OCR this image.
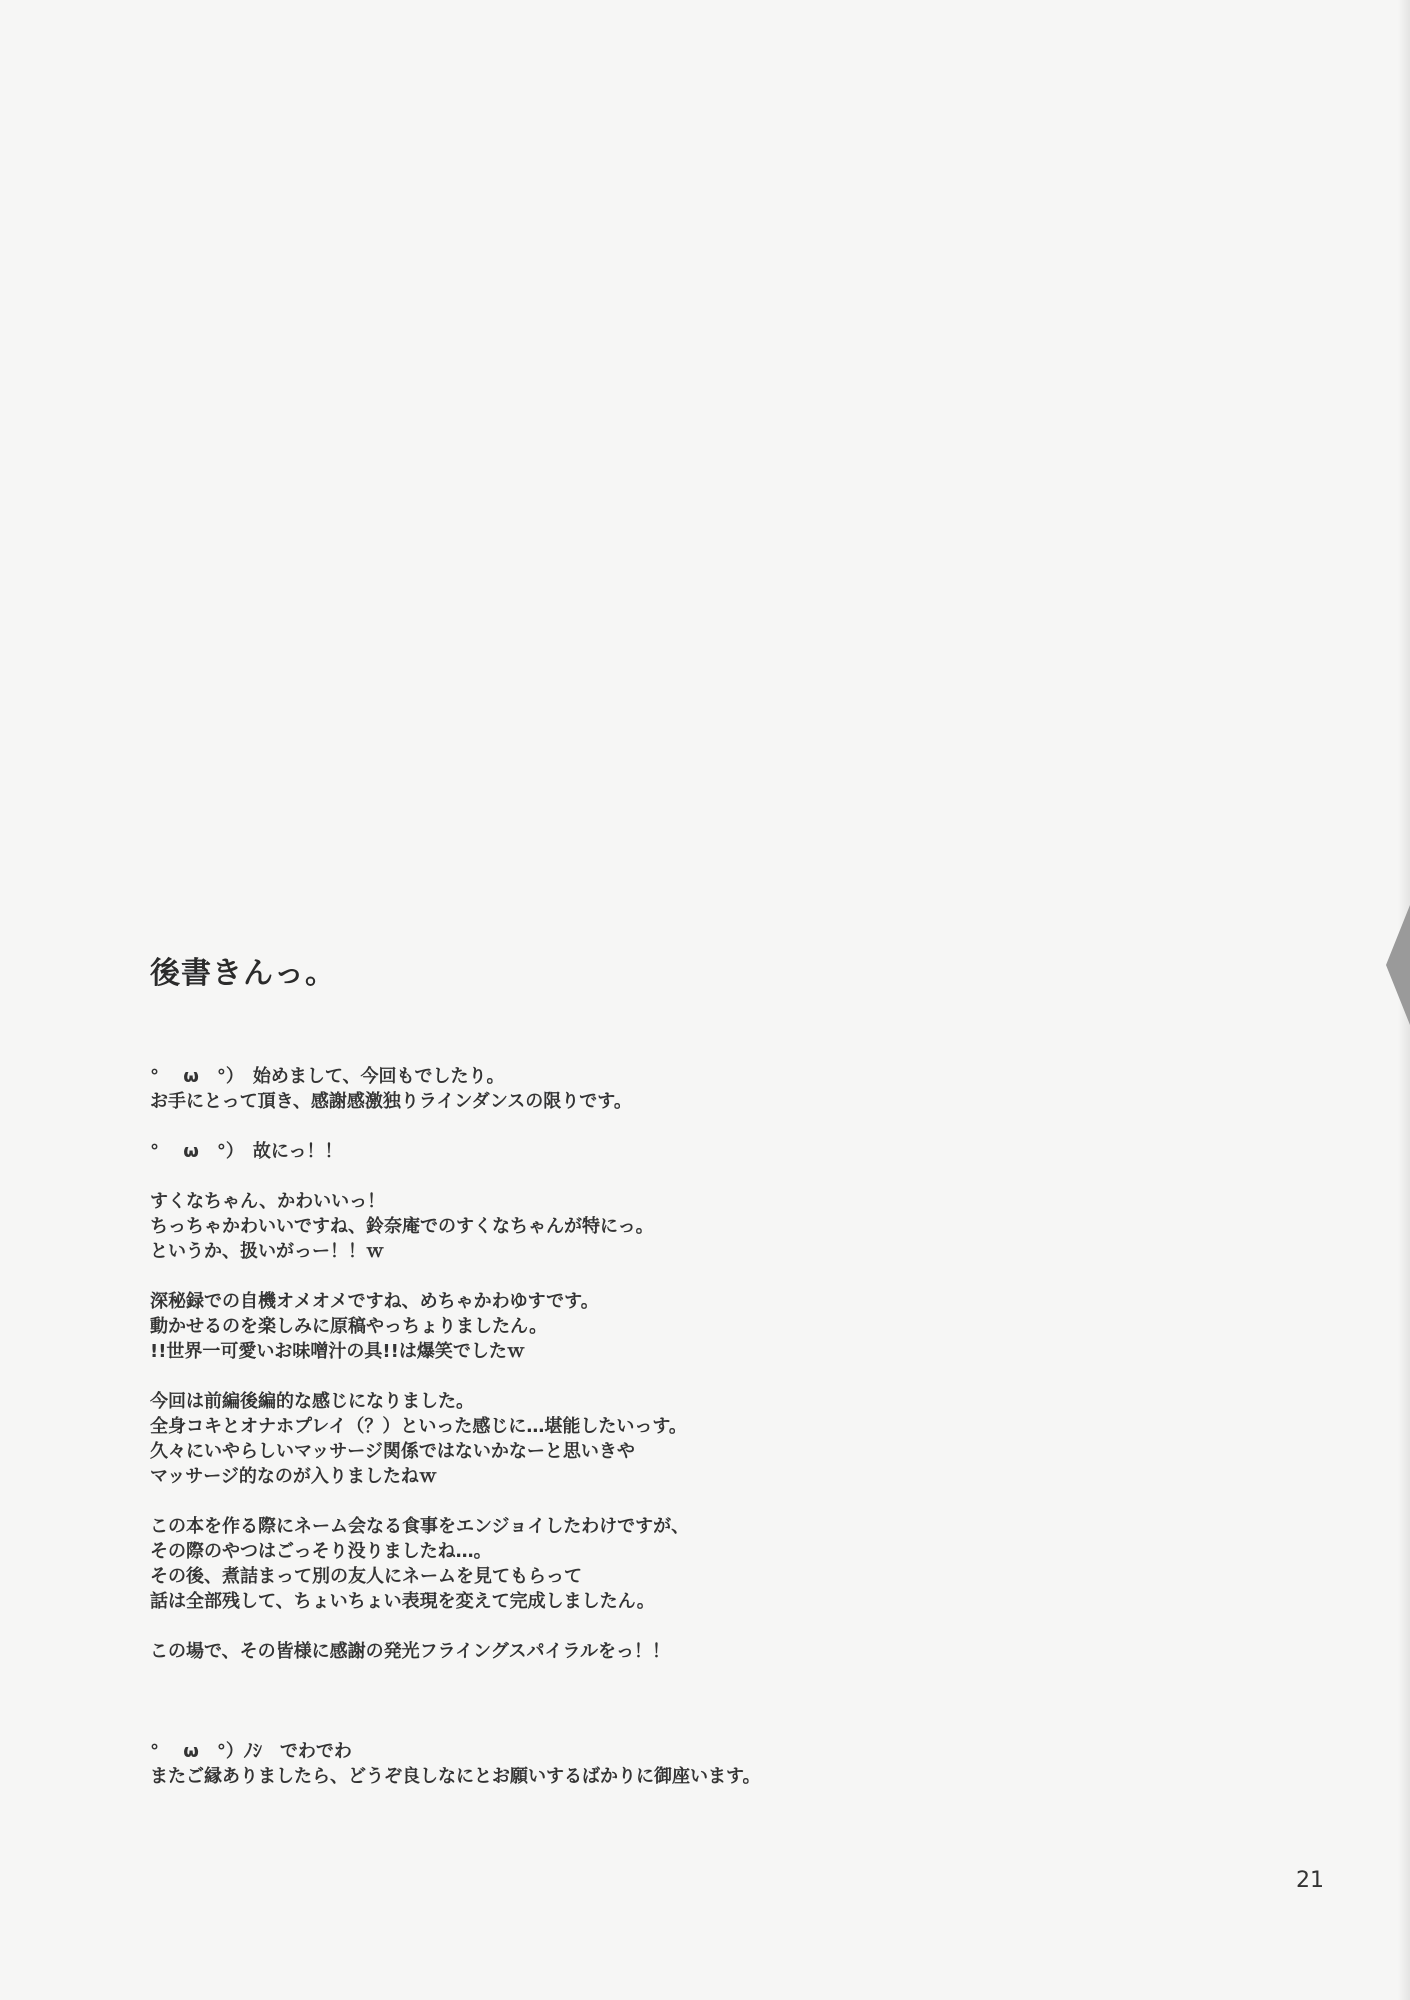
後書きんっ。
°　 ω　°）　始めまして、今回もでしたり。
お手にとって頂き、感謝感激独りラインダンスの限りです。
°　 ω　°）　故にっ！！
すくなちゃん、かわいいっ！
ちっちゃかわいいですね、鈴奈庵でのすくなちゃんが特にっ。
というか、扱いがっー！！ｗ
深秘録での自機オメオメですね、めちゃかわゆすです。
動かせるのを楽しみに原稿やっちょりましたん。
!!世界一可愛いお味噌汁の具!!は爆笑でしたｗ
今回は前編後編的な感じになりました。
全身コキとオナホプレイ（？）といった感じに…堪能したいっす。
久々にいやらしいマッサージ関係ではないかなーと思いきや
マッサージ的なのが入りましたねｗ
この本を作る際にネーム会なる食事をエンジョイしたわけですが、
その際のやつはごっそり没りましたね…。
その後、煮詰まって別の友人にネームを見てもらって
話は全部残して、ちょいちょい表現を変えて完成しましたん。
この場で、その皆様に感謝の発光フライングスパイラルをっ！！
°　 ω　°）ﾉｼ　でわでわ
またご縁ありましたら、どうぞ良しなにとお願いするばかりに御座います。
21
